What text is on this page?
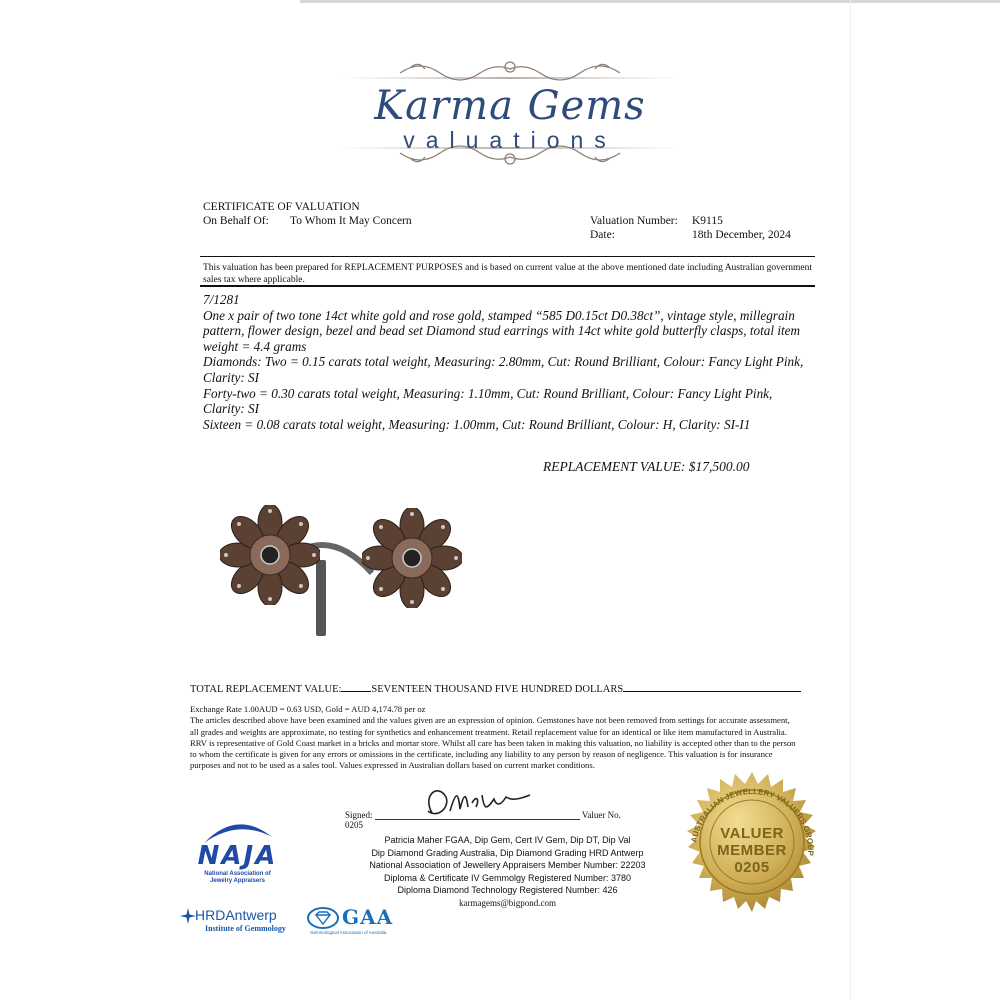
Karma Gems
valuations
CERTIFICATE OF VALUATION
On Behalf Of: To Whom It May Concern	Valuation Number: K9115
Date:	18th December, 2024
This valuation has been prepared for REPLACEMENT PURPOSES and is based on current value at the above mentioned date including Australian government sales tax where applicable.

7/1281

One x pair of two tone 14ct white gold and rose gold, stamped “585 D0.15ct D0.38ct”, vintage style, millegrain pattern, flower design, bezel and bead set Diamond stud earrings with 14ct white gold butterfly clasps, total item weight = 4.4 grams

Diamonds: Two = 0.15 carats total weight, Measuring: 2.80mm, Cut: Round Brilliant, Colour: Fancy Light Pink, Clarity: SI

Forty-two = 0.30 carats total weight, Measuring: 1.10mm, Cut: Round Brilliant, Colour: Fancy Light Pink, Clarity: SI

Sixteen = 0.08 carats total weight, Measuring: 1.00mm, Cut: Round Brilliant, Colour: H, Clarity: SI-I1

REPLACEMENT VALUE: $17,500.00
TOTAL REPLACEMENT VALUE:	SEVENTEEN THOUSAND FIVE HUNDRED DOLLARS

Exchange Rate 1.00AUD = 0.63 USD, Gold = AUD 4,174.78 per oz

The articles described above have been examined and the values given are an expression of opinion. Gemstones have not been removed from settings for accurate assessment, all grades and weights are approximate, no testing for synthetics and enhancement treatment. Retail replacement value for an identical or like item manufactured in Australia. RRV is representative of Gold Coast market in a bricks and mortar store. Whilst all care has been taken in making this valuation, no liability is accepted other than to the person to whom the certificate is given for any errors or omissions in the certificate, including any liability to any person by reason of negligence. This valuation is for insurance purposes and not to be used as a sales tool. Values expressed in Australian dollars based on current market conditions.

Signed:	Valuer No. 0205
Patricia Maher FGAA, Dip Gem, Cert IV Gem, Dip DT, Dip Val
Dip Diamond Grading Australia, Dip Diamond Grading HRD Antwerp
National Association of Jewellery Appraisers Member Number: 22203
Diploma & Certificate IV Gemmolgy Registered Number: 3780
Diploma Diamond Technology Registered Number: 426
karmagems@bigpond.com
NAJA
National Association of
Jewelry Appraisers
HRDAntwerp
Institute of Gemmology	GAA
Gemmological Association of Australia
AUSTRALIAN JEWELLERY VALUERS GROUP
VALUER
MEMBER
0205
